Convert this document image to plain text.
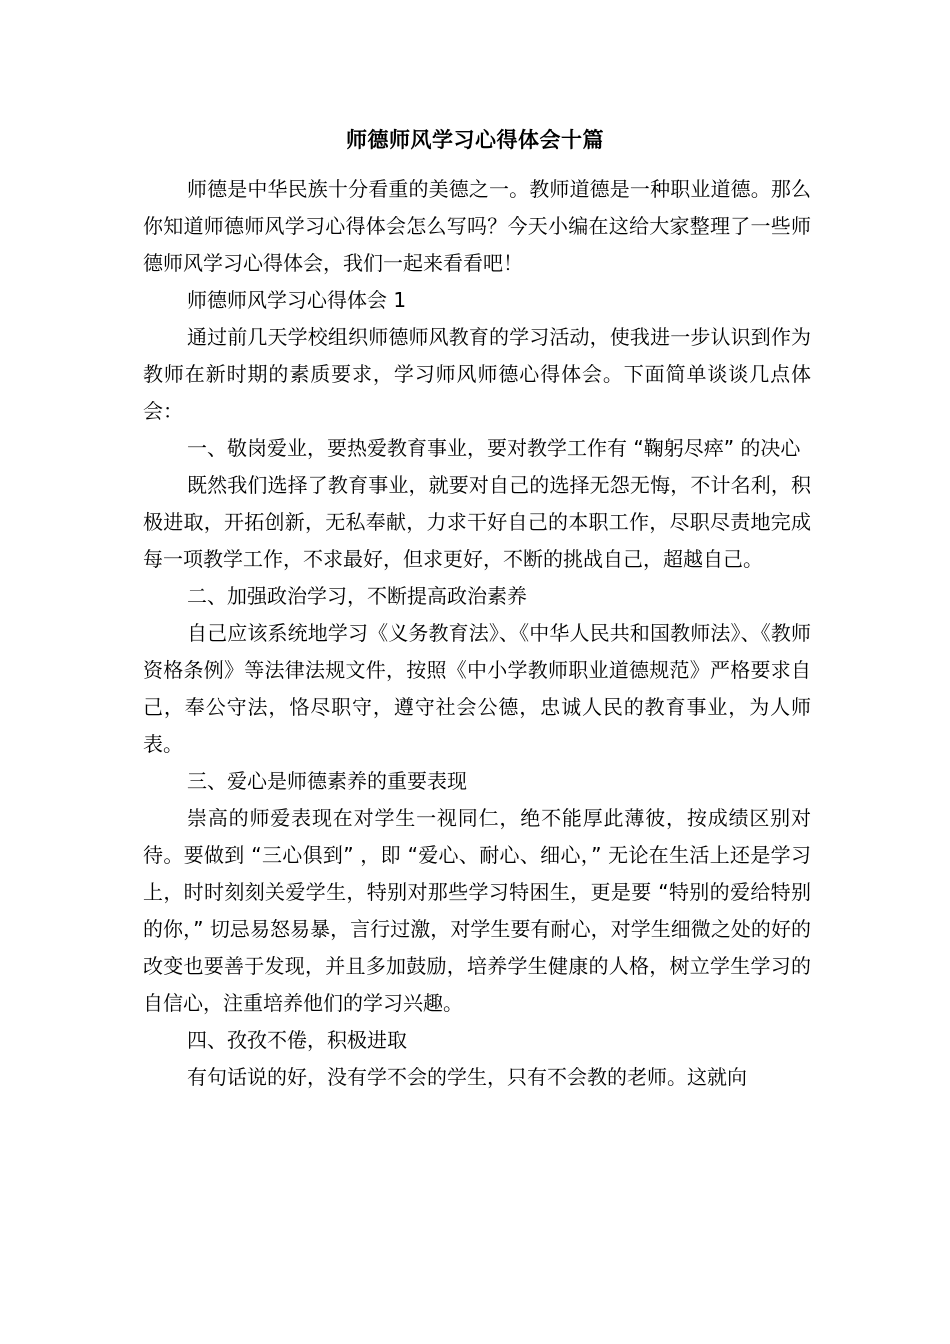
师德师风学习心得体会十篇

师德是中华民族十分看重的美德之一。教师道德是一种职业道德。那么你知道师德师风学习心得体会怎么写吗？今天小编在这给大家整理了一些师德师风学习心得体会，我们一起来看看吧！

师德师风学习心得体会 1

通过前几天学校组织师德师风教育的学习活动，使我进一步认识到作为教师在新时期的素质要求，学习师风师德心得体会。下面简单谈谈几点体会：

一、敬岗爱业，要热爱教育事业，要对教学工作有 “鞠躬尽瘁” 的决心

既然我们选择了教育事业，就要对自己的选择无怨无悔，不计名利，积极进取，开拓创新，无私奉献，力求干好自己的本职工作，尽职尽责地完成每一项教学工作，不求最好，但求更好，不断的挑战自己，超越自己。

二、加强政治学习，不断提高政治素养

自己应该系统地学习《义务教育法》、《中华人民共和国教师法》、《教师资格条例》等法律法规文件，按照《中小学教师职业道德规范》严格要求自己，奉公守法，恪尽职守，遵守社会公德，忠诚人民的教育事业，为人师表。

三、爱心是师德素养的重要表现

崇高的师爱表现在对学生一视同仁，绝不能厚此薄彼，按成绩区别对待。要做到 “三心俱到” ，即 “爱心、耐心、细心，” 无论在生活上还是学习上，时时刻刻关爱学生，特别对那些学习特困生，更是要 “特别的爱给特别的你，” 切忌易怒易暴，言行过激，对学生要有耐心，对学生细微之处的好的改变也要善于发现，并且多加鼓励，培养学生健康的人格，树立学生学习的自信心，注重培养他们的学习兴趣。

四、孜孜不倦，积极进取

有句话说的好，没有学不会的学生，只有不会教的老师。这就向
